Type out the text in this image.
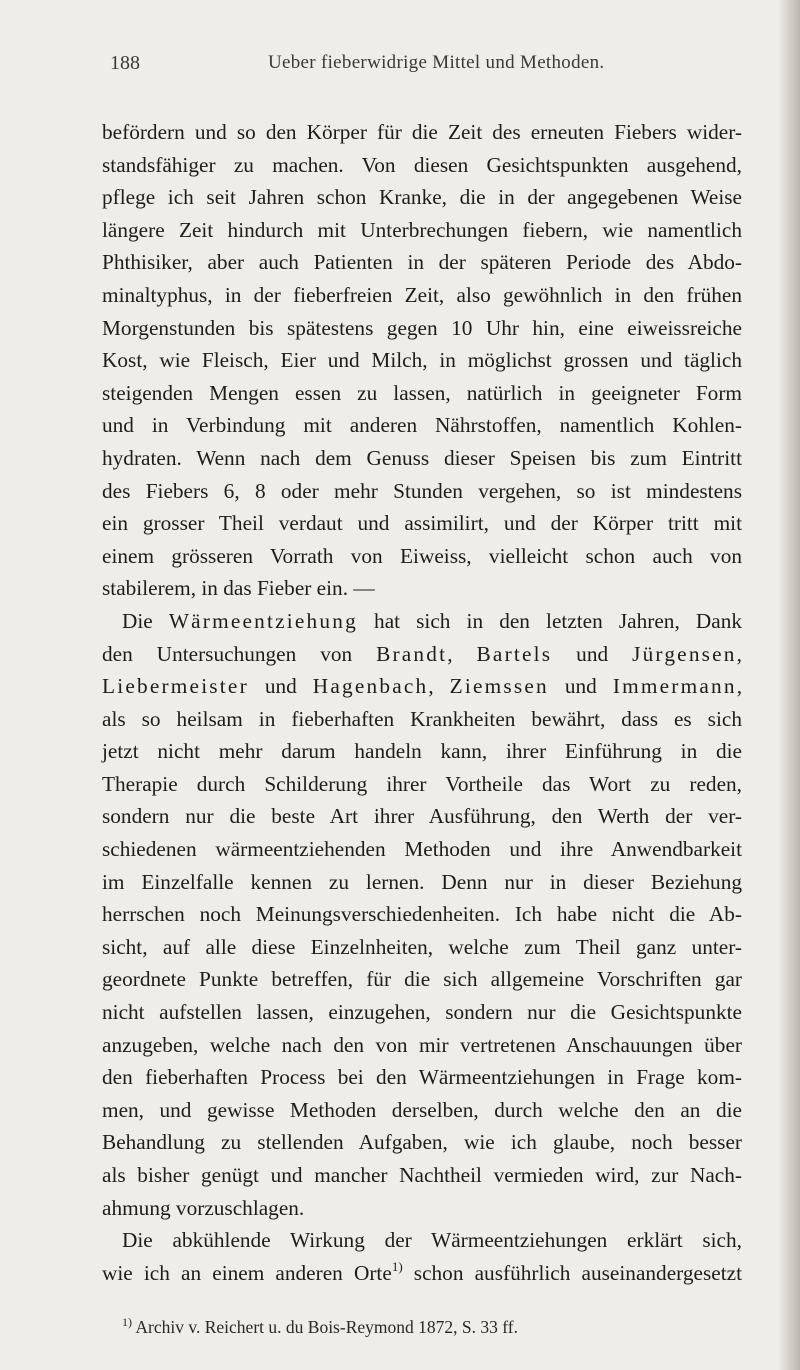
188	Ueber fieberwidrige Mittel und Methoden.
befördern und so den Körper für die Zeit des erneuten Fiebers wider-
standsfähiger zu machen. Von diesen Gesichtspunkten ausgehend,
pflege ich seit Jahren schon Kranke, die in der angegebenen Weise
längere Zeit hindurch mit Unterbrechungen fiebern, wie namentlich
Phthisiker, aber auch Patienten in der späteren Periode des Abdo-
minaltyphus, in der fieberfreien Zeit, also gewöhnlich in den frühen
Morgenstunden bis spätestens gegen 10 Uhr hin, eine eiweissreiche
Kost, wie Fleisch, Eier und Milch, in möglichst grossen und täglich
steigenden Mengen essen zu lassen, natürlich in geeigneter Form
und in Verbindung mit anderen Nährstoffen, namentlich Kohlen-
hydraten. Wenn nach dem Genuss dieser Speisen bis zum Eintritt
des Fiebers 6, 8 oder mehr Stunden vergehen, so ist mindestens
ein grosser Theil verdaut und assimilirt, und der Körper tritt mit
einem grösseren Vorrath von Eiweiss, vielleicht schon auch von
stabilerem, in das Fieber ein. —
Die Wärmeentziehung hat sich in den letzten Jahren, Dank
den Untersuchungen von Brandt, Bartels und Jürgensen,
Liebermeister und Hagenbach, Ziemssen und Immermann,
als so heilsam in fieberhaften Krankheiten bewährt, dass es sich
jetzt nicht mehr darum handeln kann, ihrer Einführung in die
Therapie durch Schilderung ihrer Vortheile das Wort zu reden,
sondern nur die beste Art ihrer Ausführung, den Werth der ver-
schiedenen wärmeentziehenden Methoden und ihre Anwendbarkeit
im Einzelfalle kennen zu lernen. Denn nur in dieser Beziehung
herrschen noch Meinungsverschiedenheiten. Ich habe nicht die Ab-
sicht, auf alle diese Einzelnheiten, welche zum Theil ganz unter-
geordnete Punkte betreffen, für die sich allgemeine Vorschriften gar
nicht aufstellen lassen, einzugehen, sondern nur die Gesichtspunkte
anzugeben, welche nach den von mir vertretenen Anschauungen über
den fieberhaften Process bei den Wärmeentziehungen in Frage kom-
men, und gewisse Methoden derselben, durch welche den an die
Behandlung zu stellenden Aufgaben, wie ich glaube, noch besser
als bisher genügt und mancher Nachtheil vermieden wird, zur Nach-
ahmung vorzuschlagen.
Die abkühlende Wirkung der Wärmeentziehungen erklärt sich,
wie ich an einem anderen Orte$^{1)}$ schon ausführlich auseinandergesetzt
$^{1)}$ Archiv v. Reichert u. du Bois-Reymond 1872, S. 33 ff.
